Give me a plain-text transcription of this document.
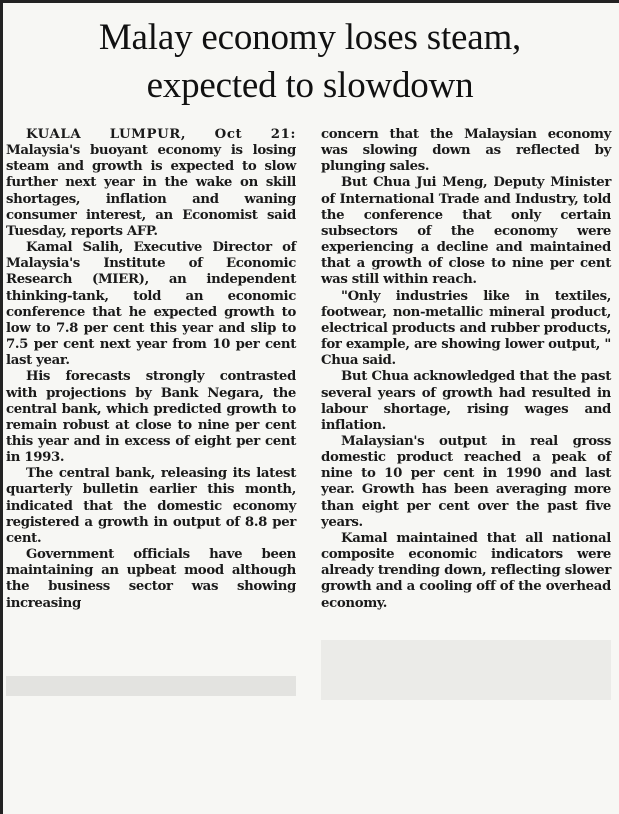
Malay economy loses steam,
expected to slowdown

KUALA LUMPUR, Oct 21: Malaysia's buoyant economy is losing steam and growth is expected to slow further next year in the wake on skill shortages, inflation and waning consumer interest, an Economist said Tuesday, reports AFP.

Kamal Salih, Executive Director of Malaysia's Institute of Economic Research (MIER), an independent thinking-tank, told an economic conference that he expected growth to low to 7.8 per cent this year and slip to 7.5 per cent next year from 10 per cent last year.

His forecasts strongly contrasted with projections by Bank Negara, the central bank, which predicted growth to remain robust at close to nine per cent this year and in excess of eight per cent in 1993.

The central bank, releasing its latest quarterly bulletin earlier this month, indicated that the domestic economy registered a growth in output of 8.8 per cent.

Government officials have been maintaining an upbeat mood although the business sector was showing increasing

concern that the Malaysian economy was slowing down as reflected by plunging sales.

But Chua Jui Meng, Deputy Minister of International Trade and Industry, told the conference that only certain subsectors of the economy were experiencing a decline and maintained that a growth of close to nine per cent was still within reach.

"Only industries like in textiles, footwear, non-metallic mineral product, electrical products and rubber products, for example, are showing lower output, " Chua said.

But Chua acknowledged that the past several years of growth had resulted in labour shortage, rising wages and inflation.

Malaysian's output in real gross domestic product reached a peak of nine to 10 per cent in 1990 and last year. Growth has been averaging more than eight per cent over the past five years.

Kamal maintained that all national composite economic indicators were already trending down, reflecting slower growth and a cooling off of the overhead economy.
